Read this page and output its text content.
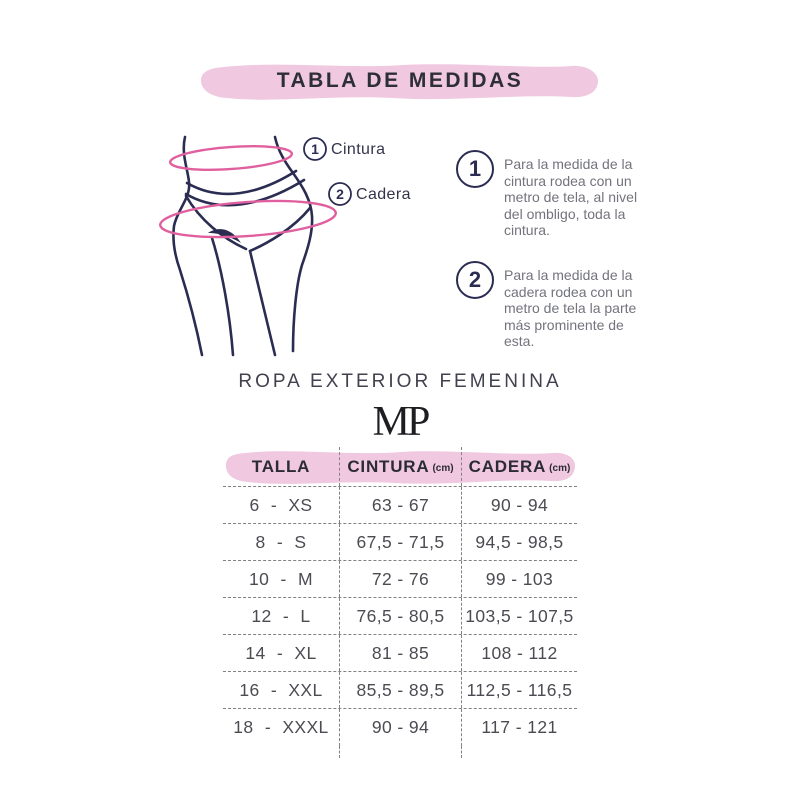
TABLA DE MEDIDAS
1 Cintura
2 Cadera
1 Para la medida de la cintura rodea con un metro de tela, al nivel del ombligo, toda la cintura.
2 Para la medida de la cadera rodea con un metro de tela la parte más prominente de esta.
ROPA EXTERIOR FEMENINA
MP
TALLA CINTURA (cm) CADERA (cm)
6 - XS	63 - 67	90 - 94
8 - S	67,5 - 71,5	94,5 - 98,5
10 - M	72 - 76	99 - 103
12 - L	76,5 - 80,5	103,5 - 107,5
14 - XL	81 - 85	108 - 112
16 - XXL	85,5 - 89,5	112,5 - 116,5
18 - XXXL	90 - 94	117 - 121
